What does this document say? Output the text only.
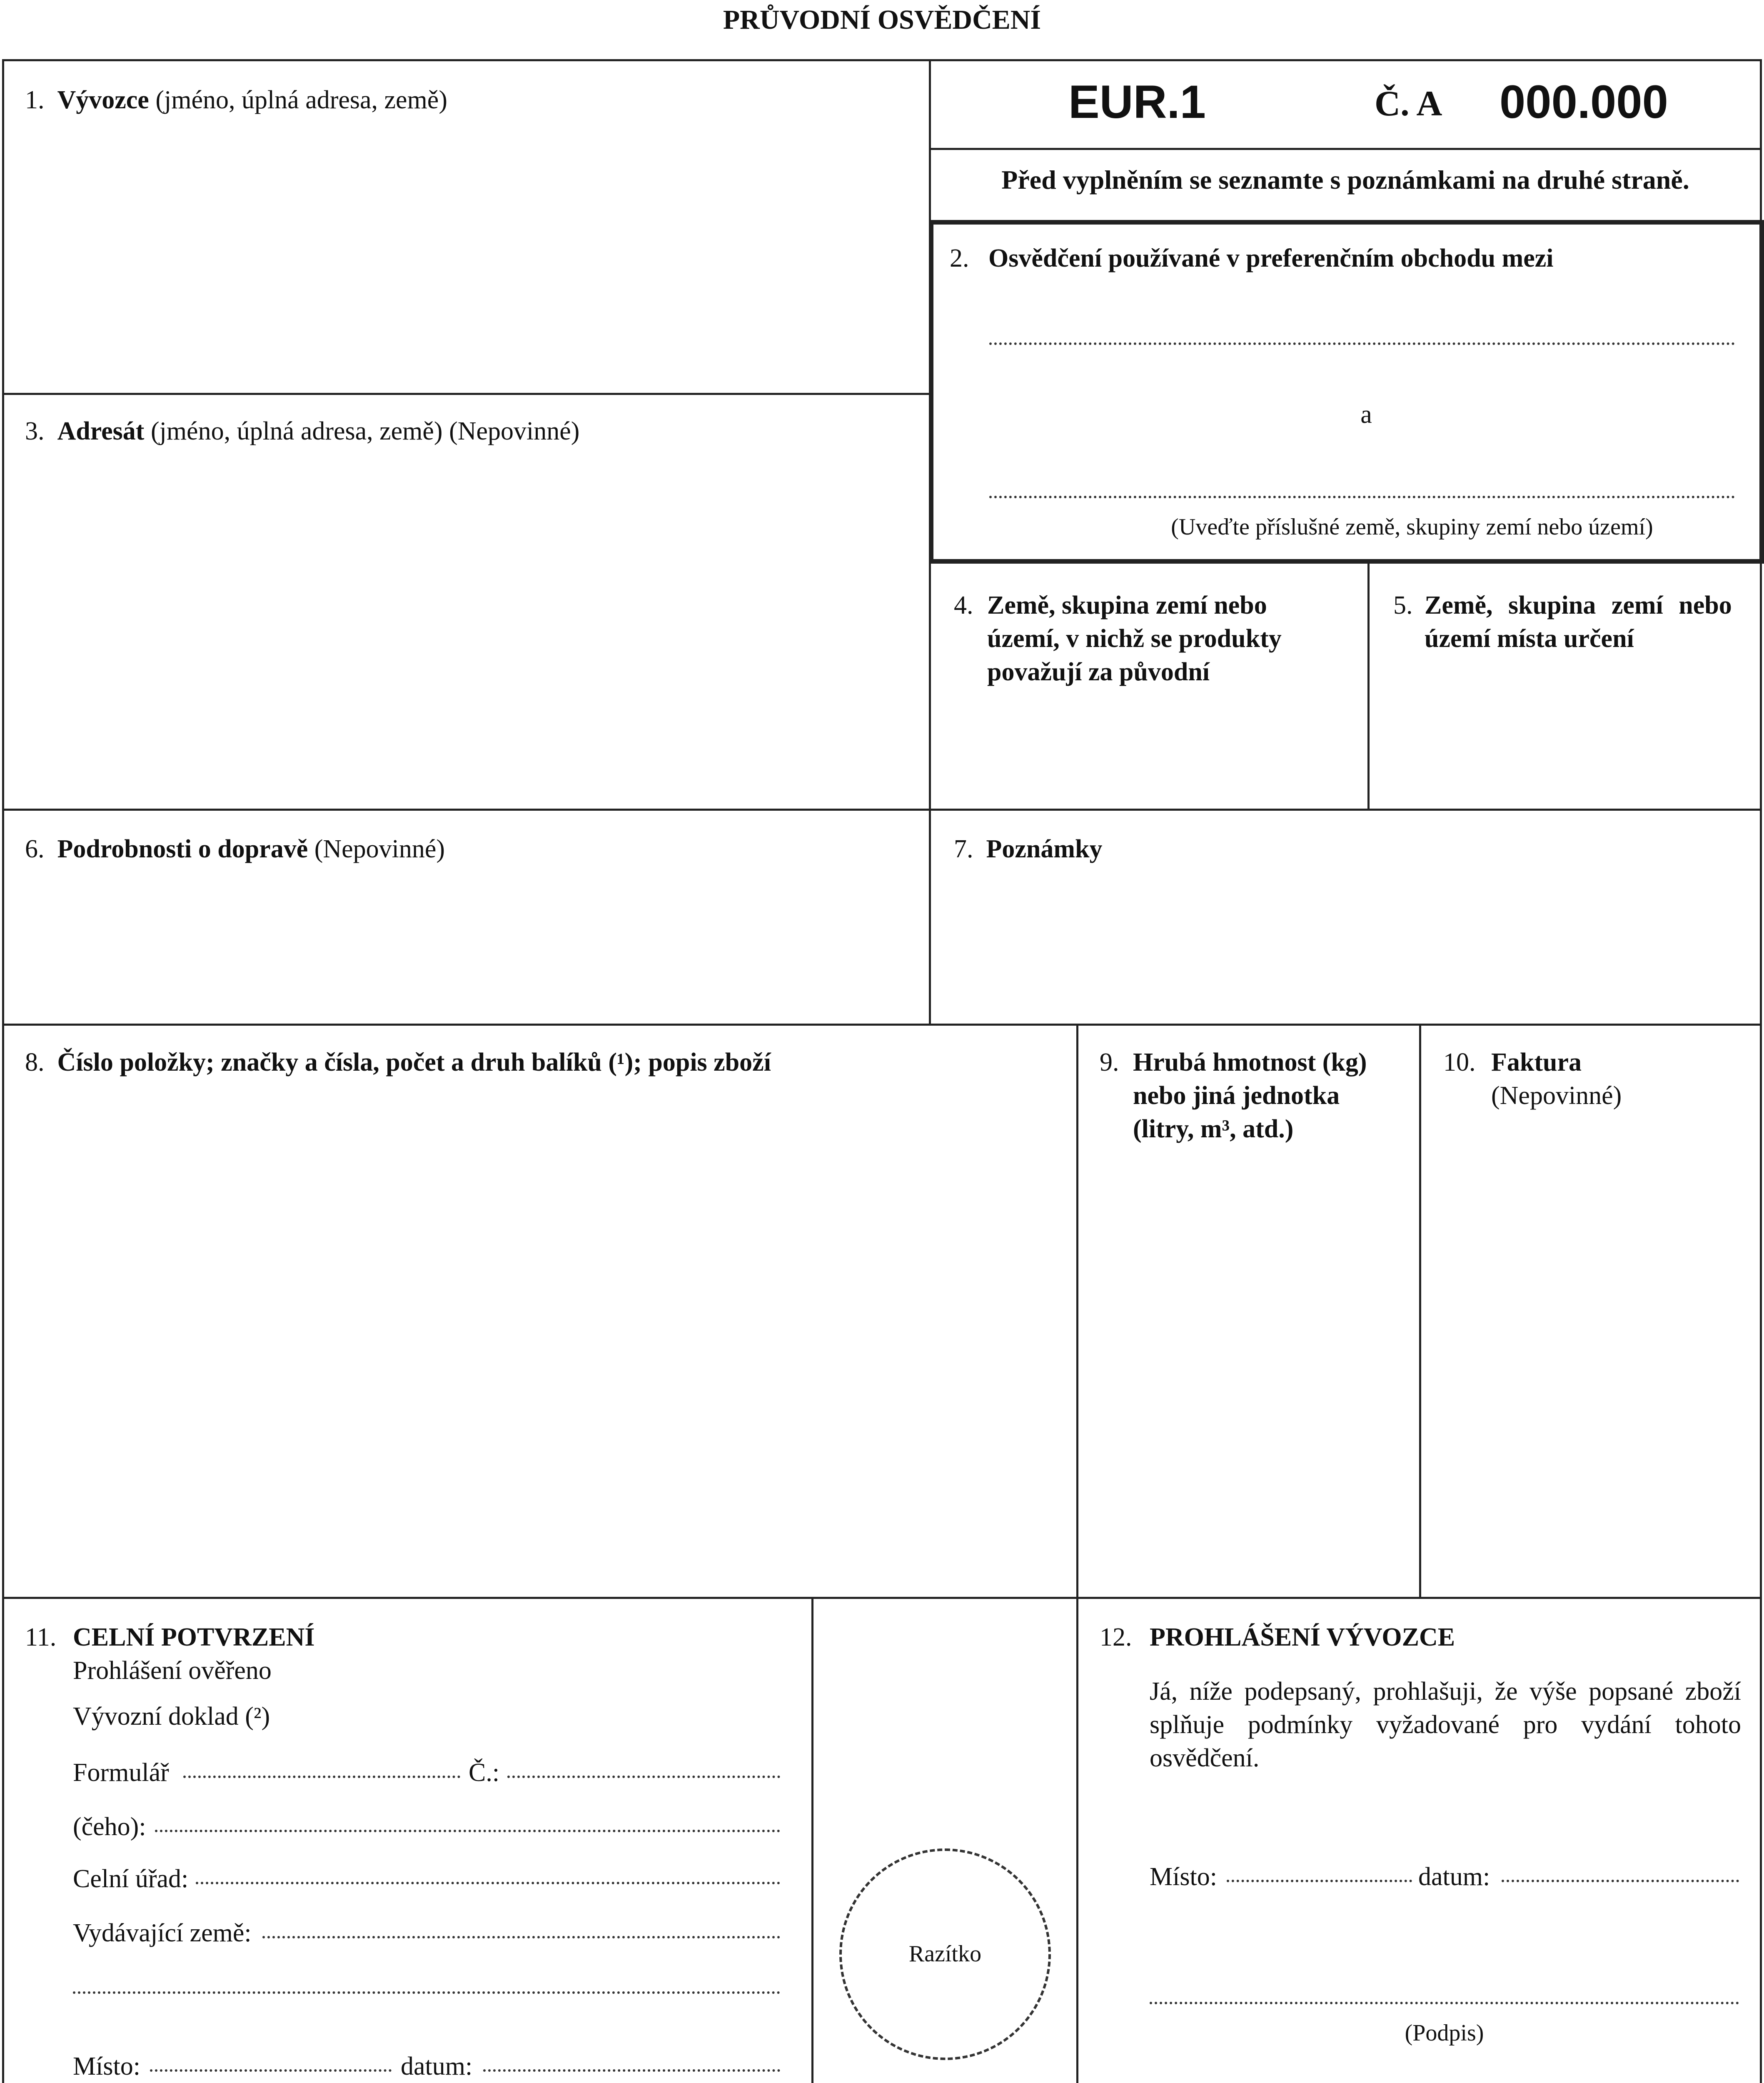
PRŮVODNÍ OSVĚDČENÍ
EUR.1	Č. A 000.000
Před vyplněním se seznamte s poznámkami na druhé straně.
1. Vývozce (jméno, úplná adresa, země)
2. Osvědčení používané v preferenčním obchodu mezi
a
(Uveďte příslušné země, skupiny zemí nebo území)
3. Adresát (jméno, úplná adresa, země) (Nepovinné)
4. Země, skupina zemí nebo
území, v nichž se produkty
považují za původní
5. Země, skupina zemí nebo
území místa určení
6. Podrobnosti o dopravě (Nepovinné)	7. Poznámky
8. Číslo položky; značky a čísla, počet a druh balíků (¹); popis zboží	9. Hrubá hmotnost (kg)
nebo jiná jednotka
(litry, m³, atd.)
10. Faktura
(Nepovinné)
11. CELNÍ POTVRZENÍ
Prohlášení ověřeno
Vývozní doklad (²)
Formulář	Č.:
(čeho):
Celní úřad:
Vydávající země:
Místo:	datum:
Razítko
12. PROHLÁŠENÍ VÝVOZCE
Já, níže podepsaný, prohlašuji, že výše popsané zboží
splňuje podmínky vyžadované pro vydání tohoto
osvědčení.
Místo:	datum:
(Podpis)
